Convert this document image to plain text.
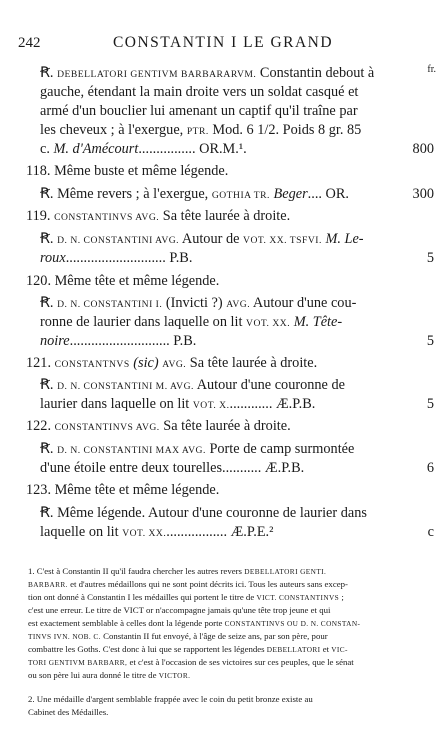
242	CONSTANTIN I LE GRAND
fr.
Ꞧ. DEBELLATORI GENTIVM BARBARARVM. Constantin debout à
gauche, étendant la main droite vers un soldat casqué et
armé d'un bouclier lui amenant un captif qu'il traîne par
les cheveux ; à l'exergue, PTR. Mod. 6 1/2. Poids 8 gr. 85
c. M. d'Amécourt................ OR.M.¹.	800
118. Même buste et même légende.
Ꞧ. Même revers ; à l'exergue, GOTHIA TR. Beger.... OR.	300
119. CONSTANTINVS AVG. Sa tête laurée à droite.
Ꞧ. D. N. CONSTANTINI AVG. Autour de VOT. XX. TSFVI. M. Le-
roux............................ P.B.	5
120. Même tête et même légende.
Ꞧ. D. N. CONSTANTINI I. (Invicti ?) AVG. Autour d'une cou-
ronne de laurier dans laquelle on lit VOT. XX. M. Tête-
noire............................ P.B.	5
121. CONSTANTNVS (sic) AVG. Sa tête laurée à droite.
Ꞧ. D. N. CONSTANTINI M. AVG. Autour d'une couronne de
laurier dans laquelle on lit VOT. X............. Æ.P.B.	5
122. CONSTANTINVS AVG. Sa tête laurée à droite.
Ꞧ. D. N. CONSTANTINI MAX AVG. Porte de camp surmontée
d'une étoile entre deux tourelles........... Æ.P.B.	6
123. Même tête et même légende.
Ꞧ. Même légende. Autour d'une couronne de laurier dans
laquelle on lit VOT. XX.................. Æ.P.E.²	c
1. C'est à Constantin II qu'il faudra chercher les autres revers DEBELLATORI GENTI.
BARBARR. et d'autres médaillons qui ne sont point décrits ici. Tous les auteurs sans excep-
tion ont donné à Constantin I les médailles qui portent le titre de VICT. CONSTANTINVS ;
c'est une erreur. Le titre de VICT or n'accompagne jamais qu'une tête trop jeune et qui
est exactement semblable à celles dont la légende porte CONSTANTINVS OU D. N. CONSTAN-
TINVS IVN. NOB. C. Constantin II fut envoyé, à l'âge de seize ans, par son père, pour
combattre les Goths. C'est donc à lui que se rapportent les légendes DEBELLATORI et VIC-
TORI GENTIVM BARBARR, et c'est à l'occasion de ses victoires sur ces peuples, que le sénat
ou son père lui aura donné le titre de VICTOR.
2. Une médaille d'argent semblable frappée avec le coin du petit bronze existe au
Cabinet des Médailles.
